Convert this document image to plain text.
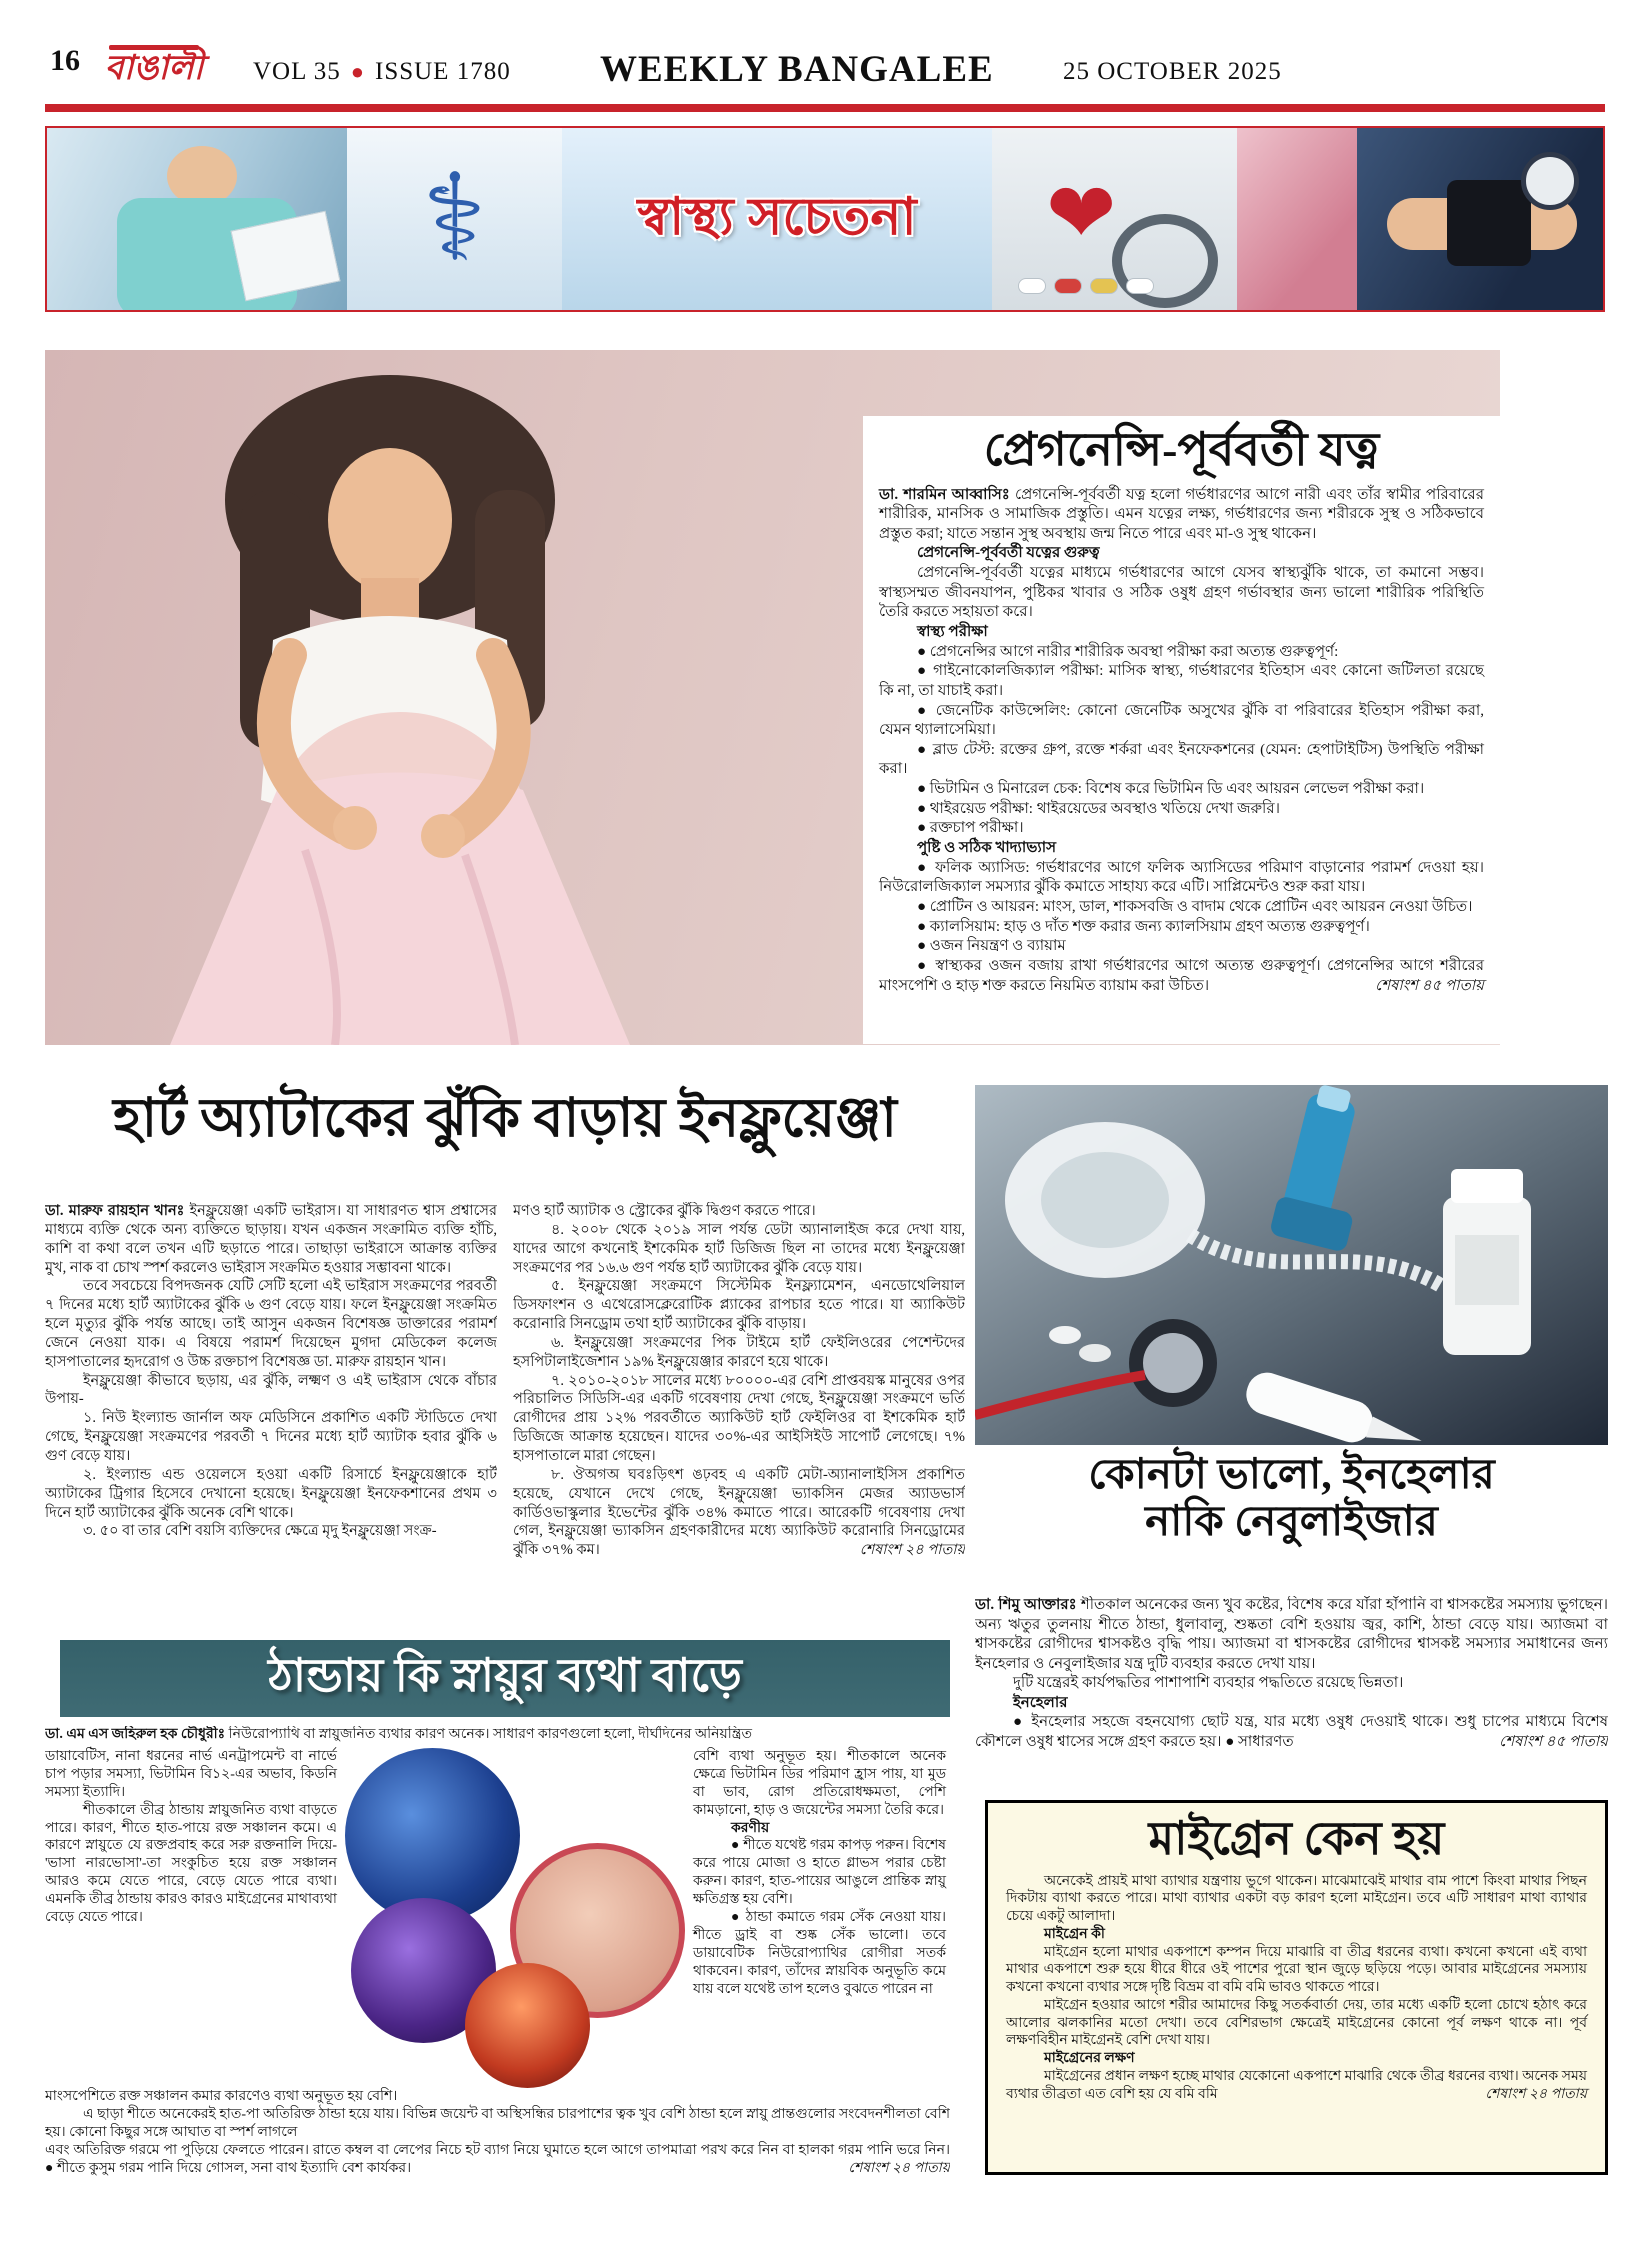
16 বাঙালী VOL 35 ● ISSUE 1780 WEEKLY BANGALEE	25 OCTOBER 2025
⚕	স্বাস্থ্য সচেতনা ❤
প্রেগনেন্সি-পূর্ববর্তী যত্ন

ডা. শারমিন আব্বাসিঃ প্রেগনেন্সি-পূর্ববর্তী যত্ন হলো গর্ভধারণের আগে নারী এবং তাঁর স্বামীর পরিবারের শারীরিক, মানসিক ও সামাজিক প্রস্তুতি। এমন যত্নের লক্ষ্য, গর্ভধারণের জন্য শরীরকে সুস্থ ও সঠিকভাবে প্রস্তুত করা; যাতে সন্তান সুস্থ অবস্থায় জন্ম নিতে পারে এবং মা-ও সুস্থ থাকেন।

প্রেগনেন্সি-পূর্ববর্তী যত্নের গুরুত্ব

প্রেগনেন্সি-পূর্ববর্তী যত্নের মাধ্যমে গর্ভধারণের আগে যেসব স্বাস্থ্যঝুঁকি থাকে, তা কমানো সম্ভব। স্বাস্থ্যসম্মত জীবনযাপন, পুষ্টিকর খাবার ও সঠিক ওষুধ গ্রহণ গর্ভাবস্থার জন্য ভালো শারীরিক পরিস্থিতি তৈরি করতে সহায়তা করে।

স্বাস্থ্য পরীক্ষা

● প্রেগনেন্সির আগে নারীর শারীরিক অবস্থা পরীক্ষা করা অত্যন্ত গুরুত্বপূর্ণ:

● গাইনোকোলজিক্যাল পরীক্ষা: মাসিক স্বাস্থ্য, গর্ভধারণের ইতিহাস এবং কোনো জটিলতা রয়েছে কি না, তা যাচাই করা।

● জেনেটিক কাউন্সেলিং: কোনো জেনেটিক অসুখের ঝুঁকি বা পরিবারের ইতিহাস পরীক্ষা করা, যেমন থ্যালাসেমিয়া।

● ব্লাড টেস্ট: রক্তের গ্রুপ, রক্তে শর্করা এবং ইনফেকশনের (যেমন: হেপাটাইটিস) উপস্থিতি পরীক্ষা করা।

● ভিটামিন ও মিনারেল চেক: বিশেষ করে ভিটামিন ডি এবং আয়রন লেভেল পরীক্ষা করা।

● থাইরয়েড পরীক্ষা: থাইরয়েডের অবস্থাও খতিয়ে দেখা জরুরি।

● রক্তচাপ পরীক্ষা।

পুষ্টি ও সঠিক খাদ্যাভ্যাস

● ফলিক অ্যাসিড: গর্ভধারণের আগে ফলিক অ্যাসিডের পরিমাণ বাড়ানোর পরামর্শ দেওয়া হয়। নিউরোলজিক্যাল সমস্যার ঝুঁকি কমাতে সাহায্য করে এটি। সাপ্লিমেন্টও শুরু করা যায়।

● প্রোটিন ও আয়রন: মাংস, ডাল, শাকসবজি ও বাদাম থেকে প্রোটিন এবং আয়রন নেওয়া উচিত।

● ক্যালসিয়াম: হাড় ও দাঁত শক্ত করার জন্য ক্যালসিয়াম গ্রহণ অত্যন্ত গুরুত্বপূর্ণ।

● ওজন নিয়ন্ত্রণ ও ব্যায়াম

● স্বাস্থ্যকর ওজন বজায় রাখা গর্ভধারণের আগে অত্যন্ত গুরুত্বপূর্ণ। প্রেগনেন্সির আগে শরীরের মাংসপেশি ও হাড় শক্ত করতে নিয়মিত ব্যায়াম করা উচিত।	শেষাংশ ৪৫ পাতায়

হার্ট অ্যাটাকের ঝুঁকি বাড়ায় ইনফ্লুয়েঞ্জা

ডা. মারুফ রায়হান খানঃ ইনফ্লুয়েঞ্জা একটি ভাইরাস। যা সাধারণত শ্বাস প্রশ্বাসের মাধ্যমে ব্যক্তি থেকে অন্য ব্যক্তিতে ছাড়ায়। যখন একজন সংক্রামিত ব্যক্তি হাঁচি, কাশি বা কথা বলে তখন এটি ছড়াতে পারে। তাছাড়া ভাইরাসে আক্রান্ত ব্যক্তির মুখ, নাক বা চোখ স্পর্শ করলেও ভাইরাস সংক্রমিত হওয়ার সম্ভাবনা থাকে।

তবে সবচেয়ে বিপদজনক যেটি সেটি হলো এই ভাইরাস সংক্রমণের পরবর্তী ৭ দিনের মধ্যে হার্ট অ্যাটাকের ঝুঁকি ৬ গুণ বেড়ে যায়। ফলে ইনফ্লুয়েঞ্জা সংক্রমিত হলে মৃত্যুর ঝুঁকি পর্যন্ত আছে। তাই আসুন একজন বিশেষজ্ঞ ডাক্তারের পরামর্শ জেনে নেওয়া যাক। এ বিষয়ে পরামর্শ দিয়েছেন মুগদা মেডিকেল কলেজ হাসপাতালের হৃদরোগ ও উচ্চ রক্তচাপ বিশেষজ্ঞ ডা. মারুফ রায়হান খান।

ইনফ্লুয়েঞ্জা কীভাবে ছড়ায়, এর ঝুঁকি, লক্ষ্মণ ও এই ভাইরাস থেকে বাঁচার উপায়-

১. নিউ ইংল্যান্ড জার্নাল অফ মেডিসিনে প্রকাশিত একটি স্টাডিতে দেখা গেছে, ইনফ্লুয়েঞ্জা সংক্রমণের পরবর্তী ৭ দিনের মধ্যে হার্ট অ্যাটাক হবার ঝুঁকি ৬ গুণ বেড়ে যায়।

২. ইংল্যান্ড এন্ড ওয়েলসে হওয়া একটি রিসার্চে ইনফ্লুয়েঞ্জাকে হার্ট অ্যাটাকের ট্রিগার হিসেবে দেখানো হয়েছে। ইনফ্লুয়েঞ্জা ইনফেকশানের প্রথম ৩ দিনে হার্ট অ্যাটাকের ঝুঁকি অনেক বেশি থাকে।

৩. ৫০ বা তার বেশি বয়সি ব্যক্তিদের ক্ষেত্রে মৃদু ইনফ্লুয়েঞ্জা সংক্র-

মণও হার্ট অ্যাটাক ও স্ট্রোকের ঝুঁকি দ্বিগুণ করতে পারে।

৪. ২০০৮ থেকে ২০১৯ সাল পর্যন্ত ডেটা অ্যানালাইজ করে দেখা যায়, যাদের আগে কখনোই ইশকেমিক হার্ট ডিজিজ ছিল না তাদের মধ্যে ইনফ্লুয়েঞ্জা সংক্রমণের পর ১৬.৬ গুণ পর্যন্ত হার্ট অ্যাটাকের ঝুঁকি বেড়ে যায়।

৫. ইনফ্লুয়েঞ্জা সংক্রমণে সিস্টেমিক ইনফ্ল্যামেশন, এনডোথেলিয়াল ডিসফাংশন ও এথেরোসক্লেরোটিক প্ল্যাকের রাপচার হতে পারে। যা অ্যাকিউট করোনারি সিনড্রোম তথা হার্ট অ্যাটাকের ঝুঁকি বাড়ায়।

৬. ইনফ্লুয়েঞ্জা সংক্রমণের পিক টাইমে হার্ট ফেইলিওরের পেশেন্টদের হসপিটালাইজেশান ১৯% ইনফ্লুয়েঞ্জার কারণে হয়ে থাকে।

৭. ২০১০-২০১৮ সালের মধ্যে ৮০০০০-এর বেশি প্রাপ্তবয়স্ক মানুষের ওপর পরিচালিত সিডিসি-এর একটি গবেষণায় দেখা গেছে, ইনফ্লুয়েঞ্জা সংক্রমণে ভর্তি রোগীদের প্রায় ১২% পরবর্তীতে অ্যাকিউট হার্ট ফেইলিওর বা ইশকেমিক হার্ট ডিজিজে আক্রান্ত হয়েছেন। যাদের ৩০%-এর আইসিইউ সাপোর্ট লেগেছে। ৭% হাসপাতালে মারা গেছেন।

৮. ঔঅগঅ ঘবঃড়িৎশ ঙঢ়বহ এ একটি মেটা-অ্যানালাইসিস প্রকাশিত হয়েছে, যেখানে দেখে গেছে, ইনফ্লুয়েঞ্জা ভ্যাকসিন মেজর অ্যাডভার্স কার্ডিওভাস্কুলার ইভেন্টের ঝুঁকি ৩৪% কমাতে পারে। আরেকটি গবেষণায় দেখা গেল, ইনফ্লুয়েঞ্জা ভ্যাকসিন গ্রহণকারীদের মধ্যে অ্যাকিউট করোনারি সিনড্রোমের ঝুঁকি ৩৭% কম।	শেষাংশ ২৪ পাতায়

কোনটা ভালো, ইনহেলার
নাকি নেবুলাইজার

ডা. শিমু আক্তারঃ শীতকাল অনেকের জন্য খুব কষ্টের, বিশেষ করে যাঁরা হাঁপানি বা শ্বাসকষ্টের সমস্যায় ভুগছেন। অন্য ঋতুর তুলনায় শীতে ঠান্ডা, ধুলাবালু, শুষ্কতা বেশি হওয়ায় জ্বর, কাশি, ঠান্ডা বেড়ে যায়। অ্যাজমা বা শ্বাসকষ্টের রোগীদের শ্বাসকষ্টও বৃদ্ধি পায়। অ্যাজমা বা শ্বাসকষ্টের রোগীদের শ্বাসকষ্ট সমস্যার সমাধানের জন্য ইনহেলার ও নেবুলাইজার যন্ত্র দুটি ব্যবহার করতে দেখা যায়।

দুটি যন্ত্রেরই কার্যপদ্ধতির পাশাপাশি ব্যবহার পদ্ধতিতে রয়েছে ভিন্নতা।

ইনহেলার

● ইনহেলার সহজে বহনযোগ্য ছোট যন্ত্র, যার মধ্যে ওষুধ দেওয়াই থাকে। শুধু চাপের মাধ্যমে বিশেষ কৌশলে ওষুধ শ্বাসের সঙ্গে গ্রহণ করতে হয়। ● সাধারণত	শেষাংশ ৪৫ পাতায়

ঠান্ডায় কি স্নায়ুর ব্যথা বাড়ে

ডা. এম এস জহিরুল হক চৌধুরীঃ নিউরোপ্যাথি বা স্নায়ুজনিত ব্যথার কারণ অনেক। সাধারণ কারণগুলো হলো, দীর্ঘদিনের অনিয়ন্ত্রিত

ডায়াবেটিস, নানা ধরনের নার্ভ এনট্রাপমেন্ট বা নার্ভে চাপ পড়ার সমস্যা, ভিটামিন বি১২-এর অভাব, কিডনি সমস্যা ইত্যাদি।

শীতকালে তীব্র ঠান্ডায় স্নায়ুজনিত ব্যথা বাড়তে পারে। কারণ, শীতে হাত-পায়ে রক্ত সঞ্চালন কমে। এ কারণে স্নায়ুতে যে রক্তপ্রবাহ করে সরু রক্তনালি দিয়ে-'ভাসা নারভোসা'-তা সংকুচিত হয়ে রক্ত সঞ্চালন আরও কমে যেতে পারে, বেড়ে যেতে পারে ব্যথা। এমনকি তীব্র ঠান্ডায় কারও কারও মাইগ্রেনের মাথাব্যথা বেড়ে যেতে পারে।

বেশি ব্যথা অনুভূত হয়। শীতকালে অনেক ক্ষেত্রে ভিটামিন ডির পরিমাণ হ্রাস পায়, যা মুড বা ভাব, রোগ প্রতিরোধক্ষমতা, পেশি কামড়ানো, হাড় ও জয়েন্টের সমস্যা তৈরি করে।

করণীয়

● শীতে যথেষ্ট গরম কাপড় পরুন। বিশেষ করে পায়ে মোজা ও হাতে গ্লাভস পরার চেষ্টা করুন। কারণ, হাত-পায়ের আঙুলে প্রান্তিক স্নায়ু ক্ষতিগ্রস্ত হয় বেশি।

● ঠান্ডা কমাতে গরম সেঁক নেওয়া যায়। শীতে ড্রাই বা শুষ্ক সেঁক ভালো। তবে ডায়াবেটিক নিউরোপ্যাথির রোগীরা সতর্ক থাকবেন। কারণ, তাঁদের স্নায়বিক অনুভূতি কমে যায় বলে যথেষ্ট তাপ হলেও বুঝতে পারেন না

মাংসপেশিতে রক্ত সঞ্চালন কমার কারণেও ব্যথা অনুভূত হয় বেশি।

এ ছাড়া শীতে অনেকেরই হাত-পা অতিরিক্ত ঠান্ডা হয়ে যায়। বিভিন্ন জয়েন্ট বা অস্থিসন্ধির চারপাশের ত্বক খুব বেশি ঠান্ডা হলে স্নায়ু প্রান্তগুলোর সংবেদনশীলতা বেশি হয়। কোনো কিছুর সঙ্গে আঘাত বা স্পর্শ লাগলে

এবং অতিরিক্ত গরমে পা পুড়িয়ে ফেলতে পারেন। রাতে কম্বল বা লেপের নিচে হট ব্যাগ নিয়ে ঘুমাতে হলে আগে তাপমাত্রা পরখ করে নিন বা হালকা গরম পানি ভরে নিন। ● শীতে কুসুম গরম পানি দিয়ে গোসল, সনা বাথ ইত্যাদি বেশ কার্যকর।	শেষাংশ ২৪ পাতায়

মাইগ্রেন কেন হয়

অনেকেই প্রায়ই মাথা ব্যাথার যন্ত্রণায় ভুগে থাকেন। মাঝেমাঝেই মাথার বাম পাশে কিংবা মাথার পিছন দিকটায় ব্যাথা করতে পারে। মাথা ব্যাথার একটা বড় কারণ হলো মাইগ্রেন। তবে এটি সাধারণ মাথা ব্যাথার চেয়ে একটু আলাদা।

মাইগ্রেন কী

মাইগ্রেন হলো মাথার একপাশে কম্পন দিয়ে মাঝারি বা তীব্র ধরনের ব্যথা। কখনো কখনো এই ব্যথা মাথার একপাশে শুরু হয়ে ধীরে ধীরে ওই পাশের পুরো স্থান জুড়ে ছড়িয়ে পড়ে। আবার মাইগ্রেনের সমস্যায় কখনো কখনো ব্যথার সঙ্গে দৃষ্টি বিভ্রম বা বমি বমি ভাবও থাকতে পারে।

মাইগ্রেন হওয়ার আগে শরীর আমাদের কিছু সতর্কবার্তা দেয়, তার মধ্যে একটি হলো চোখে হঠাৎ করে আলোর ঝলকানির মতো দেখা। তবে বেশিরভাগ ক্ষেত্রেই মাইগ্রেনের কোনো পূর্ব লক্ষণ থাকে না। পূর্ব লক্ষণবিহীন মাইগ্রেনই বেশি দেখা যায়।

মাইগ্রেনের লক্ষণ

মাইগ্রেনের প্রধান লক্ষণ হচ্ছে মাথার যেকোনো একপাশে মাঝারি থেকে তীব্র ধরনের ব্যথা। অনেক সময় ব্যথার তীব্রতা এত বেশি হয় যে বমি বমি	শেষাংশ ২৪ পাতায়
